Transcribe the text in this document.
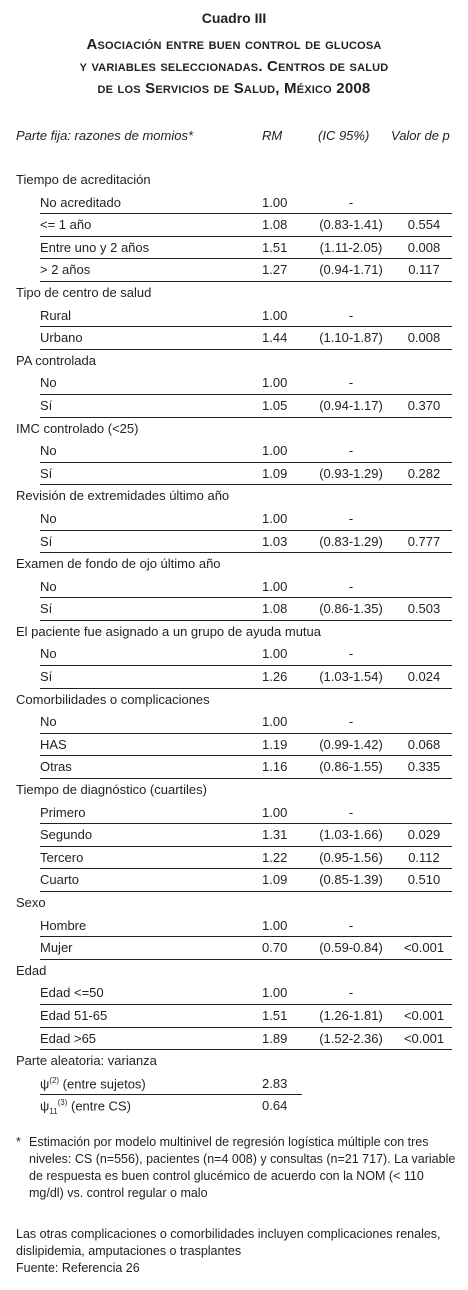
Cuadro III
Asociación entre buen control de glucosa
y variables seleccionadas. Centros de salud
de los Servicios de Salud, México 2008
Parte fija: razones de momios*	RM	(IC 95%) Valor de p
Tiempo de acreditación
No acreditado	1.00	-
<= 1 año	1.08	(0.83-1.41)	0.554
Entre uno y 2 años	1.51	(1.11-2.05)	0.008
> 2 años	1.27	(0.94-1.71)	0.117
Tipo de centro de salud
Rural	1.00	-
Urbano	1.44	(1.10-1.87)	0.008
PA controlada
No	1.00	-
Sí	1.05	(0.94-1.17)	0.370
IMC controlado (<25)
No	1.00	-
Sí	1.09	(0.93-1.29)	0.282
Revisión de extremidades último año
No	1.00	-
Sí	1.03	(0.83-1.29)	0.777
Examen de fondo de ojo último año
No	1.00	-
Sí	1.08	(0.86-1.35)	0.503
El paciente fue asignado a un grupo de ayuda mutua
No	1.00	-
Sí	1.26	(1.03-1.54)	0.024
Comorbilidades o complicaciones
No	1.00	-
HAS	1.19	(0.99-1.42)	0.068
Otras	1.16	(0.86-1.55)	0.335
Tiempo de diagnóstico (cuartiles)
Primero	1.00	-
Segundo	1.31	(1.03-1.66)	0.029
Tercero	1.22	(0.95-1.56)	0.112
Cuarto	1.09	(0.85-1.39)	0.510
Sexo
Hombre	1.00	-
Mujer	0.70	(0.59-0.84)	<0.001
Edad
Edad <=50	1.00	-
Edad 51-65	1.51	(1.26-1.81)	<0.001
Edad >65	1.89	(1.52-2.36)	<0.001
Parte aleatoria: varianza
$\psi^{(2)}$ (entre sujetos)	2.83
$\psi_{11}^{(3)}$ (entre CS)	0.64
* Estimación por modelo multinivel de regresión logística múltiple con tres niveles: CS (n=556), pacientes (n=4 008) y consultas (n=21 717). La variable de respuesta es buen control glucémico de acuerdo con la NOM (< 110 mg/dl) vs. control regular o malo
Las otras complicaciones o comorbilidades incluyen complicaciones renales, dislipidemia, amputaciones o trasplantes
Fuente: Referencia 26
